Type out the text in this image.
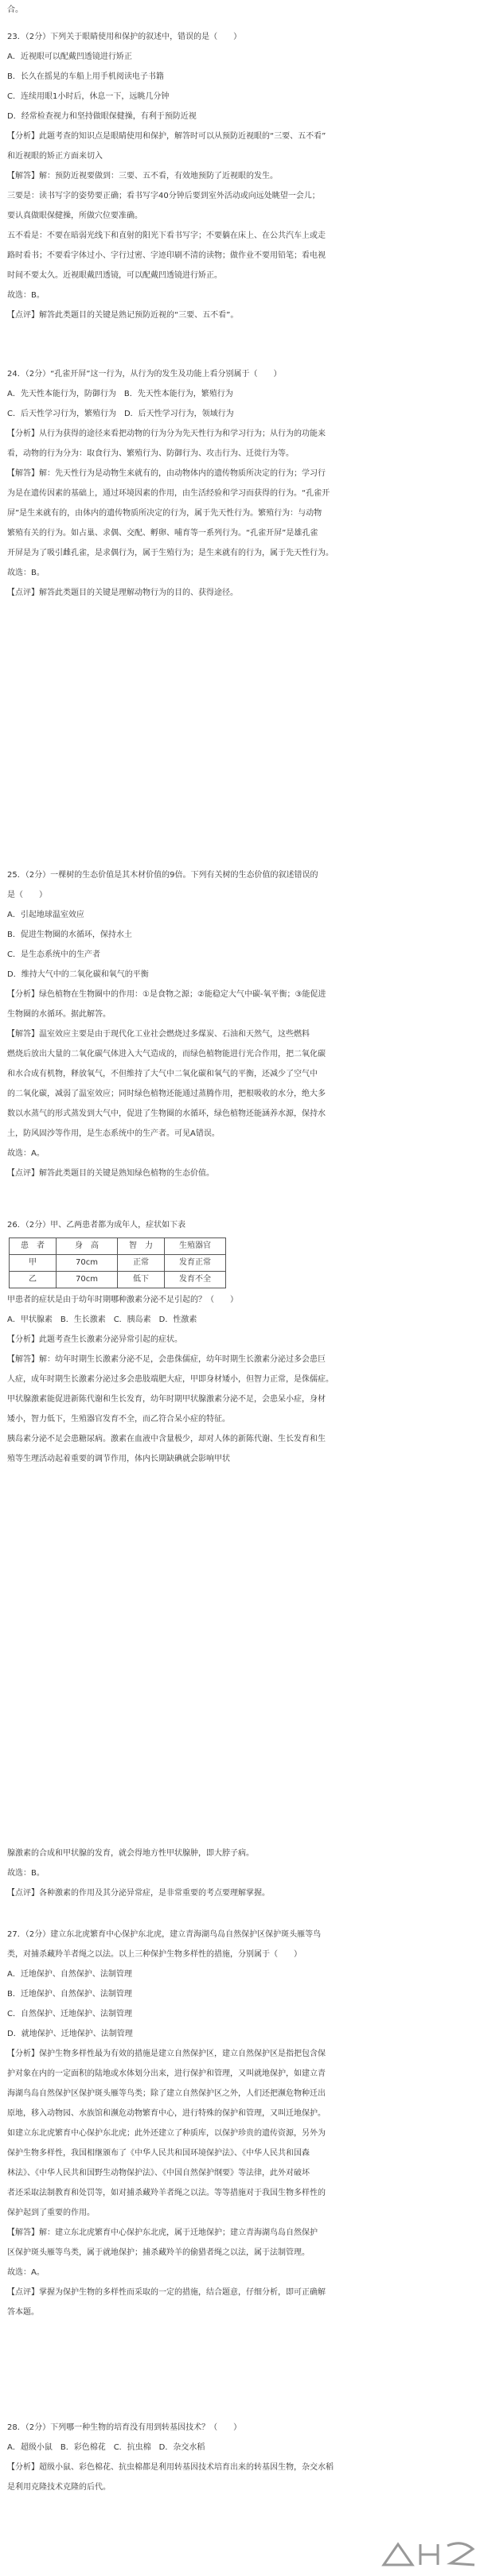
合。
23．（2分）下列关于眼睛使用和保护的叙述中，错误的是（　　）
A．近视眼可以配戴凹透镜进行矫正
B．长久在摇晃的车船上用手机阅读电子书籍
C．连续用眼1小时后，休息一下，远眺几分钟
D．经常检查视力和坚持做眼保健操，有利于预防近视
【分析】此题考查的知识点是眼睛使用和保护，解答时可以从预防近视眼的“三要、五不看”
和近视眼的矫正方面来切入
【解答】解：预防近视要做到：三要、五不看，有效地预防了近视眼的发生。
三要是：读书写字的姿势要正确；看书写字40分钟后要到室外活动或向远处眺望一会儿；
要认真做眼保健操，所做穴位要准确。
五不看是：不要在暗弱光线下和直射的阳光下看书写字；不要躺在床上、在公共汽车上或走
路时看书；不要看字体过小、字行过密、字迹印刷不清的读物；做作业不要用铅笔；看电视
时间不要太久。近视眼戴凹透镜，可以配戴凹透镜进行矫正。
故选：B。
【点评】解答此类题目的关键是熟记预防近视的“三要、五不看”。
24．（2分）“孔雀开屏”这一行为，从行为的发生及功能上看分别属于（　　）
A．先天性本能行为，防御行为　B．先天性本能行为，繁殖行为
C．后天性学习行为，繁殖行为　D．后天性学习行为，领域行为
【分析】从行为获得的途径来看把动物的行为分为先天性行为和学习行为；从行为的功能来
看，动物的行为分为：取食行为、繁殖行为、防御行为、攻击行为、迁徙行为等。
【解答】解：先天性行为是动物生来就有的，由动物体内的遗传物质所决定的行为；学习行
为是在遗传因素的基础上，通过环境因素的作用，由生活经验和学习而获得的行为。“孔雀开
屏”是生来就有的，由体内的遗传物质所决定的行为，属于先天性行为。繁殖行为：与动物
繁殖有关的行为。如占巢、求偶、交配、孵卵、哺育等一系列行为。“孔雀开屏”是雄孔雀
开屏是为了吸引雌孔雀，是求偶行为，属于生殖行为；是生来就有的行为，属于先天性行为。
故选：B。
【点评】解答此类题目的关键是理解动物行为的目的、获得途径。
25．（2分）一棵树的生态价值是其木材价值的9倍。下列有关树的生态价值的叙述错误的
是（　　）
A．引起地球温室效应
B．促进生物圈的水循环，保持水土
C．是生态系统中的生产者
D．维持大气中的二氧化碳和氧气的平衡
【分析】绿色植物在生物圈中的作用：①是食物之源；②能稳定大气中碳-氧平衡；③能促进
生物圈的水循环。据此解答。
【解答】温室效应主要是由于现代化工业社会燃烧过多煤炭、石油和天然气，这些燃料
燃烧后放出大量的二氧化碳气体进入大气造成的，而绿色植物能进行光合作用，把二氧化碳
和水合成有机物，释放氧气，不但维持了大气中二氧化碳和氧气的平衡，还减少了空气中
的二氧化碳，减弱了温室效应；同时绿色植物还能通过蒸腾作用，把根吸收的水分，绝大多
数以水蒸气的形式蒸发到大气中，促进了生物圈的水循环，绿色植物还能涵养水源，保持水
土，防风固沙等作用，是生态系统中的生产者。可见A错误。
故选：A。
【点评】解答此类题目的关键是熟知绿色植物的生态价值。
26．（2分）甲、乙两患者都为成年人，症状如下表
患　者	身　高	智　力	生殖器官
甲	70cm	正常	发育正常
乙	70cm	低下	发育不全
甲患者的症状是由于幼年时期哪种激素分泌不足引起的？（　　）
A．甲状腺素　B．生长激素　C．胰岛素　D．性激素
【分析】此题考查生长激素分泌异常引起的症状。
【解答】解：幼年时期生长激素分泌不足，会患侏儒症，幼年时期生长激素分泌过多会患巨
人症，成年时期生长激素分泌过多会患肢端肥大症，甲即身材矮小，但智力正常，是侏儒症。
甲状腺激素能促进新陈代谢和生长发育，幼年时期甲状腺激素分泌不足，会患呆小症，身材
矮小，智力低下，生殖器官发育不全，而乙符合呆小症的特征。
胰岛素分泌不足会患糖尿病。激素在血液中含量极少，却对人体的新陈代谢、生长发育和生
殖等生理活动起着重要的调节作用，体内长期缺碘就会影响甲状
腺激素的合成和甲状腺的发育，就会得地方性甲状腺肿，即大脖子病。
故选：B。
【点评】各种激素的作用及其分泌异常症，是非常重要的考点要理解掌握。
27．（2分）建立东北虎繁育中心保护东北虎，建立青海湖鸟岛自然保护区保护斑头雁等鸟
类，对捕杀藏羚羊者绳之以法。以上三种保护生物多样性的措施，分别属于（　　）
A．迁地保护、自然保护、法制管理
B．迁地保护、自然保护、法制管理
C．自然保护、迁地保护、法制管理
D．就地保护、迁地保护、法制管理
【分析】保护生物多样性最为有效的措施是建立自然保护区，建立自然保护区是指把包含保
护对象在内的一定面积的陆地或水体划分出来，进行保护和管理，又叫就地保护，如建立青
海湖鸟岛自然保护区保护斑头雁等鸟类；除了建立自然保护区之外，人们还把濒危物种迁出
原地，移入动物园、水族馆和濒危动物繁育中心，进行特殊的保护和管理，又叫迁地保护。
如建立东北虎繁育中心保护东北虎；此外还建立了种质库，以保护珍贵的遗传资源，另外为
保护生物多样性，我国相继颁布了《中华人民共和国环境保护法》、《中华人民共和国森
林法》、《中华人民共和国野生动物保护法》、《中国自然保护纲要》等法律，此外对破坏
者还采取法制教育和处罚等，如对捕杀藏羚羊者绳之以法。等等措施对于我国生物多样性的
保护起到了重要的作用。
【解答】解：建立东北虎繁育中心保护东北虎，属于迁地保护；建立青海湖鸟岛自然保护
区保护斑头雁等鸟类，属于就地保护；捕杀藏羚羊的偷猎者绳之以法，属于法制管理。
故选：A。
【点评】掌握为保护生物的多样性而采取的一定的措施，结合题意，仔细分析，即可正确解
答本题。
28．（2分）下列哪一种生物的培育没有用到转基因技术？（　　）
A．超级小鼠　B．彩色棉花　C．抗虫棉　D．杂交水稻
【分析】超级小鼠、彩色棉花、抗虫棉都是利用转基因技术培育出来的转基因生物，杂交水稻
是利用克隆技术克隆的后代。
